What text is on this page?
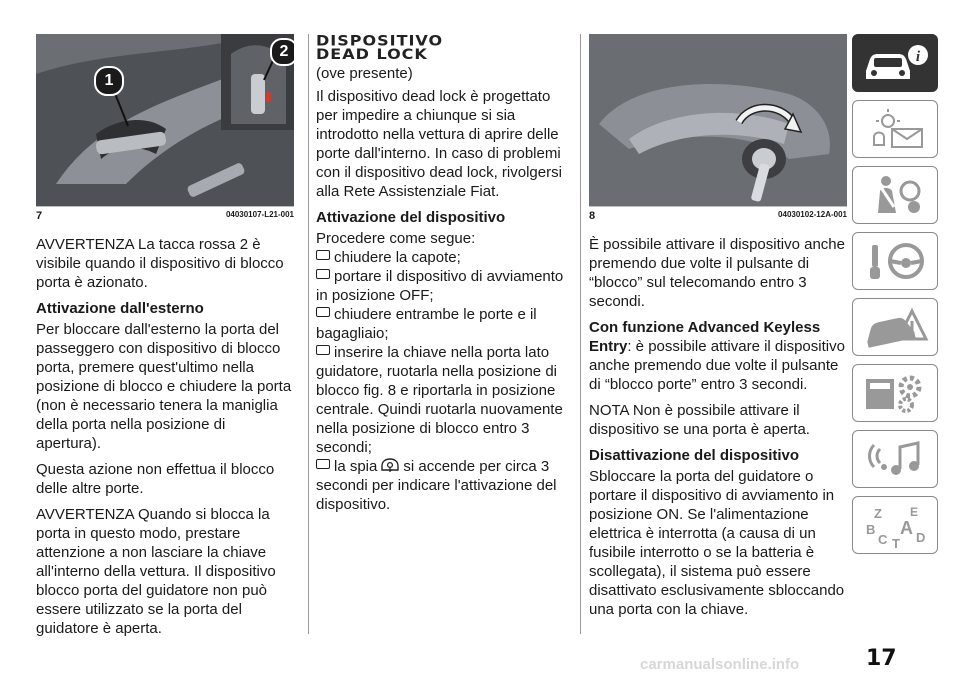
1
2
7	04030107-L21-001

AVVERTENZA La tacca rossa 2 è visibile quando il dispositivo di blocco porta è azionato.

Attivazione dall'esterno

Per bloccare dall'esterno la porta del passeggero con dispositivo di blocco porta, premere quest'ultimo nella posizione di blocco e chiudere la porta (non è necessario tenera la maniglia della porta nella posizione di apertura).

Questa azione non effettua il blocco delle altre porte.

AVVERTENZA Quando si blocca la porta in questo modo, prestare attenzione a non lasciare la chiave all'interno della vettura. Il dispositivo blocco porta del guidatore non può essere utilizzato se la porta del guidatore è aperta.

DISPOSITIVO
DEAD LOCK

(ove presente)

Il dispositivo dead lock è progettato per impedire a chiunque si sia introdotto nella vettura di aprire delle porte dall'interno. In caso di problemi con il dispositivo dead lock, rivolgersi alla Rete Assistenziale Fiat.

Attivazione del dispositivo

Procedere come segue:

chiudere la capote;

portare il dispositivo di avviamento in posizione OFF;

chiudere entrambe le porte e il bagagliaio;

inserire la chiave nella porta lato guidatore, ruotarla nella posizione di blocco fig. 8 e riportarla in posizione centrale. Quindi ruotarla nuovamente nella posizione di blocco entro 3 secondi;

la spia si accende per circa 3 secondi per indicare l'attivazione del dispositivo.

8	04030102-12A-001

È possibile attivare il dispositivo anche premendo due volte il pulsante di “blocco” sul telecomando entro 3 secondi.

Con funzione Advanced Keyless Entry: è possibile attivare il dispositivo anche premendo due volte il pulsante di “blocco porte” entro 3 secondi.

NOTA Non è possibile attivare il dispositivo se una porta è aperta.

Disattivazione del dispositivo

Sbloccare la porta del guidatore o portare il dispositivo di avviamento in posizione ON. Se l'alimentazione elettrica è interrotta (a causa di un fusibile interrotto o se la batteria è scollegata), il sistema può essere disattivato esclusivamente sbloccando una porta con la chiave.

i
Z E
B A
C T D
17
carmanualsonline.info
